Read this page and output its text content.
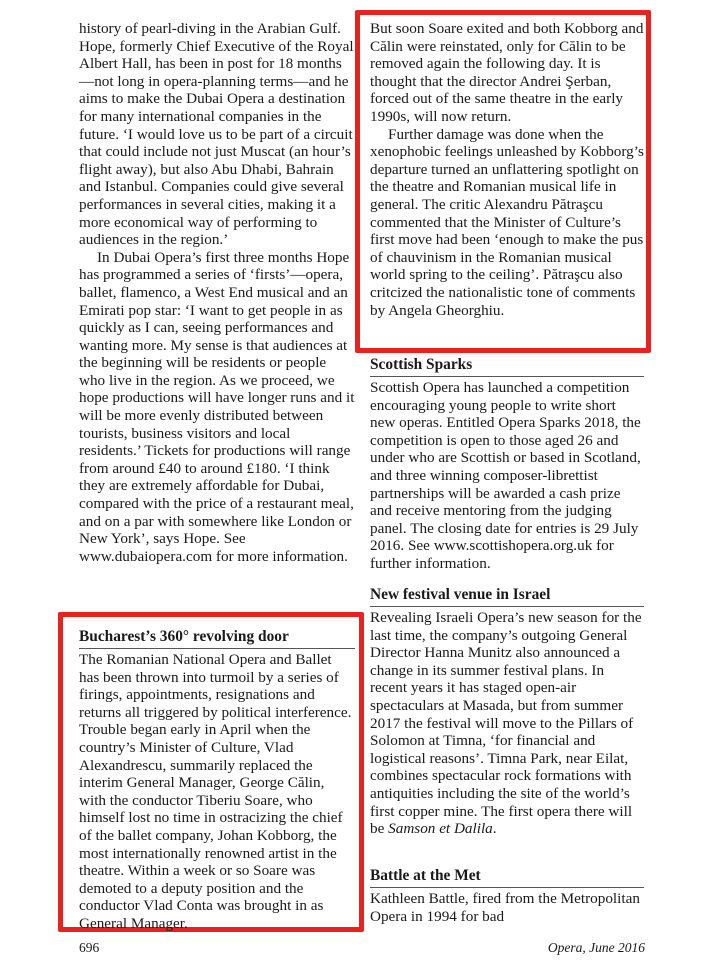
history of pearl-diving in the Arabian Gulf. Hope, formerly Chief Executive of the Royal Albert Hall, has been in post for 18 months—not long in opera-planning terms—and he aims to make the Dubai Opera a destination for many international companies in the future. ‘I would love us to be part of a circuit that could include not just Muscat (an hour’s flight away), but also Abu Dhabi, Bahrain and Istanbul. Companies could give several performances in several cities, making it a more economical way of performing to audiences in the region.’

In Dubai Opera’s first three months Hope has programmed a series of ‘firsts’—opera, ballet, flamenco, a West End musical and an Emirati pop star: ‘I want to get people in as quickly as I can, seeing performances and wanting more. My sense is that audiences at the beginning will be residents or people who live in the region. As we proceed, we hope productions will have longer runs and it will be more evenly distributed between tourists, business visitors and local residents.’ Tickets for productions will range from around £40 to around £180. ‘I think they are extremely affordable for Dubai, compared with the price of a restaurant meal, and on a par with somewhere like London or New York’, says Hope. See www.dubaiopera.com for more information.

Bucharest’s 360° revolving door

The Romanian National Opera and Ballet has been thrown into turmoil by a series of firings, appointments, resignations and returns all triggered by political interference. Trouble began early in April when the country’s Minister of Culture, Vlad Alexandrescu, summarily replaced the interim General Manager, George Călin, with the conductor Tiberiu Soare, who himself lost no time in ostracizing the chief of the ballet company, Johan Kobborg, the most internationally renowned artist in the theatre. Within a week or so Soare was demoted to a deputy position and the conductor Vlad Conta was brought in as General Manager.

But soon Soare exited and both Kobborg and Călin were reinstated, only for Călin to be removed again the following day. It is thought that the director Andrei Şerban, forced out of the same theatre in the early 1990s, will now return.

Further damage was done when the xenophobic feelings unleashed by Kobborg’s departure turned an unflattering spotlight on the theatre and Romanian musical life in general. The critic Alexandru Pătraşcu commented that the Minister of Culture’s first move had been ‘enough to make the pus of chauvinism in the Romanian musical world spring to the ceiling’. Pătraşcu also critcized the nationalistic tone of comments by Angela Gheorghiu.

Scottish Sparks

Scottish Opera has launched a competition encouraging young people to write short new operas. Entitled Opera Sparks 2018, the competition is open to those aged 26 and under who are Scottish or based in Scotland, and three winning composer-librettist partnerships will be awarded a cash prize and receive mentoring from the judging panel. The closing date for entries is 29 July 2016. See www.scottishopera.org.uk for further information.

New festival venue in Israel

Revealing Israeli Opera’s new season for the last time, the company’s outgoing General Director Hanna Munitz also announced a change in its summer festival plans. In recent years it has staged open-air spectaculars at Masada, but from summer 2017 the festival will move to the Pillars of Solomon at Timna, ‘for financial and logistical reasons’. Timna Park, near Eilat, combines spectacular rock formations with antiquities including the site of the world’s first copper mine. The first opera there will be Samson et Dalila.

Battle at the Met

Kathleen Battle, fired from the Metropolitan Opera in 1994 for bad

696	Opera, June 2016
